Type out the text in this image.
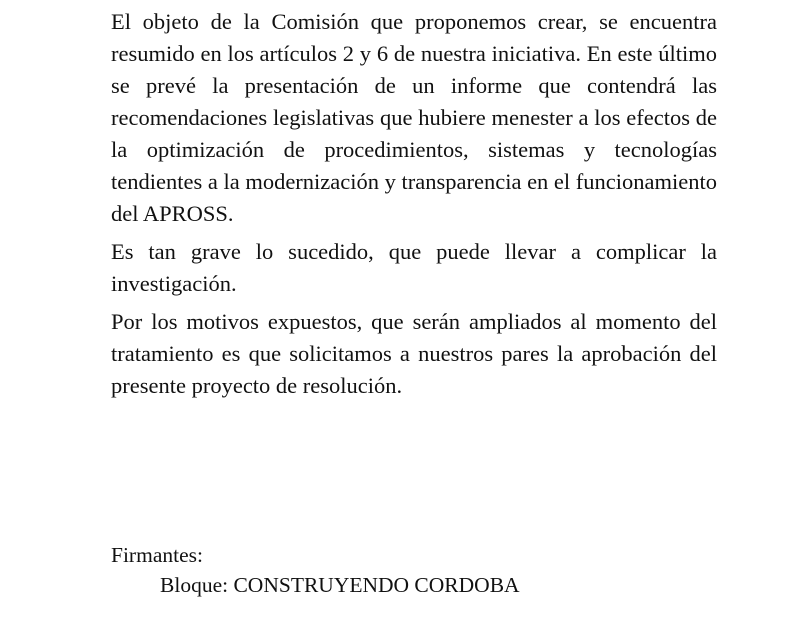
El objeto de la Comisión que proponemos crear, se encuentra resumido en los artículos 2 y 6 de nuestra iniciativa. En este último se prevé la presentación de un informe que contendrá las recomendaciones legislativas que hubiere menester a los efectos de la optimización de procedimientos, sistemas y tecnologías tendientes a la modernización y transparencia en el funcionamiento del APROSS.

Es tan grave lo sucedido, que puede llevar a complicar la investigación.

Por los motivos expuestos, que serán ampliados al momento del tratamiento es que solicitamos a nuestros pares la aprobación del presente proyecto de resolución.

Firmantes:
Bloque: CONSTRUYENDO CORDOBA
